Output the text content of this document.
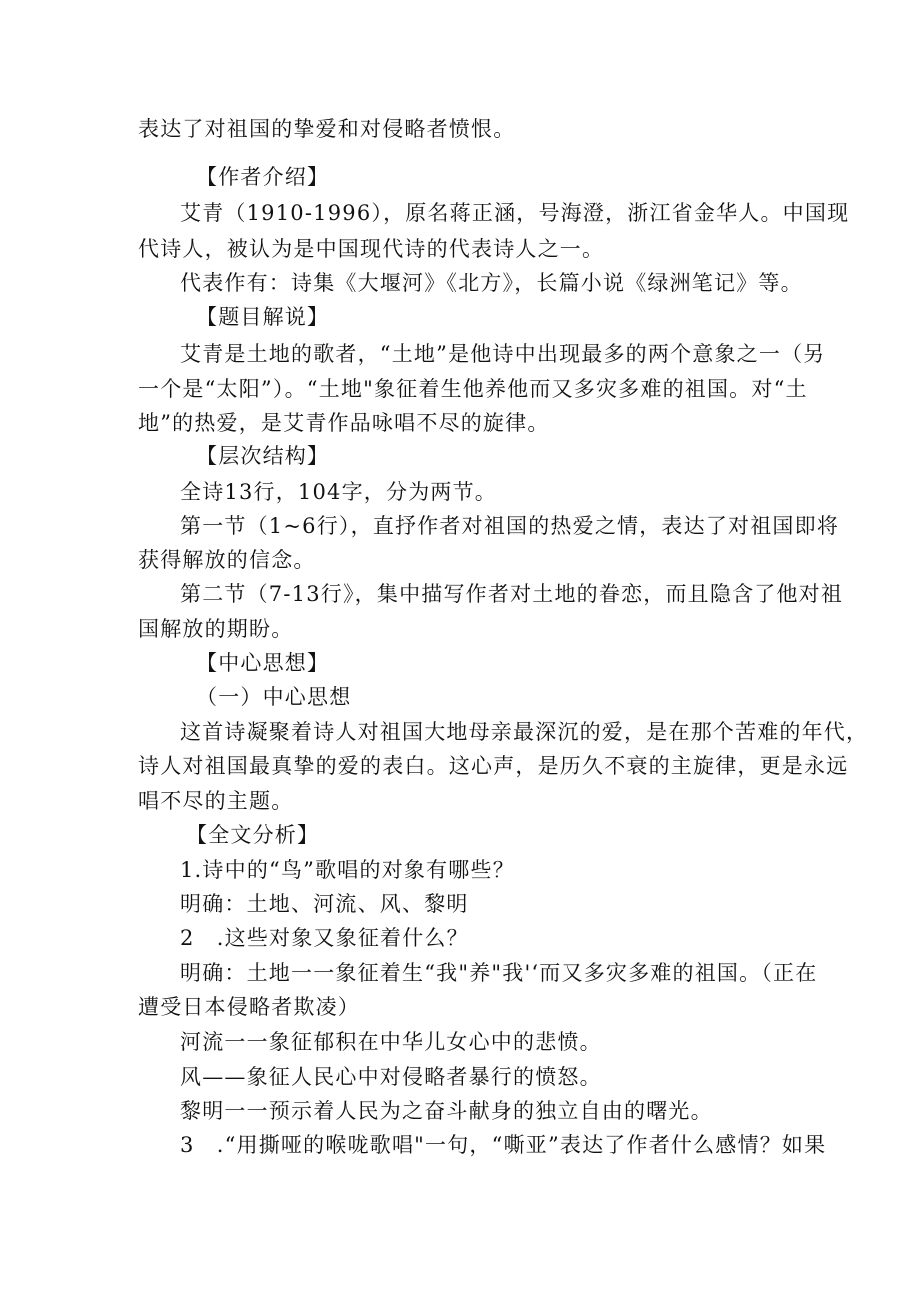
表达了对祖国的挚爱和对侵略者愤恨。
【作者介绍】
艾青（1910-1996），原名蒋正涵，号海澄，浙江省金华人。中国现
代诗人，被认为是中国现代诗的代表诗人之一。
代表作有：诗集《大堰河》《北方》，长篇小说《绿洲笔记》等。
【题目解说】
艾青是土地的歌者，“土地”是他诗中出现最多的两个意象之一（另
一个是“太阳”）。“土地"象征着生他养他而又多灾多难的祖国。对“土
地”的热爱，是艾青作品咏唱不尽的旋律。
【层次结构】
全诗13行，104字，分为两节。
第一节（1~6行），直抒作者对祖国的热爱之情，表达了对祖国即将
获得解放的信念。
第二节（7-13行》，集中描写作者对土地的眷恋，而且隐含了他对祖
国解放的期盼。
【中心思想】
（一）中心思想
这首诗凝聚着诗人对祖国大地母亲最深沉的爱，是在那个苦难的年代，
诗人对祖国最真挚的爱的表白。这心声，是历久不衰的主旋律，更是永远
唱不尽的主题。
【全文分析】
1.诗中的“鸟”歌唱的对象有哪些？
明确：土地、河流、风、黎明
2　.这些对象又象征着什么？
明确：土地一一象征着生“我"养"我'‘而又多灾多难的祖国。（正在
遭受日本侵略者欺凌）
河流一一象征郁积在中华儿女心中的悲愤。
风——象征人民心中对侵略者暴行的愤怒。
黎明一一预示着人民为之奋斗献身的独立自由的曙光。
3　.“用撕哑的喉咙歌唱"一句，“嘶亚”表达了作者什么感情？如果
